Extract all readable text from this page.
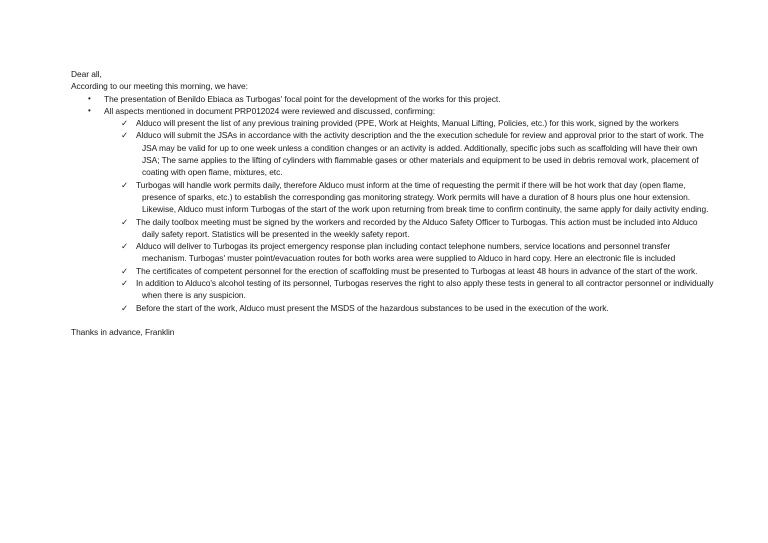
Dear all,

According to our meeting this morning, we have:

• The presentation of Benildo Ebiaca as Turbogas' focal point for the development of the works for this project.
• All aspects mentioned in document PRP012024 were reviewed and discussed, confirming:
✓ Alduco will present the list of any previous training provided (PPE, Work at Heights, Manual Lifting, Policies, etc.) for this work, signed by the workers
✓ Alduco will submit the JSAs in accordance with the activity description and the the execution schedule for review and approval prior to the start of work. The JSA may be valid for up to one week unless a condition changes or an activity is added. Additionally, specific jobs such as scaffolding will have their own JSA; The same applies to the lifting of cylinders with flammable gases or other materials and equipment to be used in debris removal work, placement of coating with open flame, mixtures, etc.
✓ Turbogas will handle work permits daily, therefore Alduco must inform at the time of requesting the permit if there will be hot work that day (open flame, presence of sparks, etc.) to establish the corresponding gas monitoring strategy. Work permits will have a duration of 8 hours plus one hour extension. Likewise, Alduco must inform Turbogas of the start of the work upon returning from break time to confirm continuity, the same apply for daily activity ending.
✓ The daily toolbox meeting must be signed by the workers and recorded by the Alduco Safety Officer to Turbogas. This action must be included into Alduco daily safety report. Statistics will be presented in the weekly safety report.
✓ Alduco will deliver to Turbogas its project emergency response plan including contact telephone numbers, service locations and personnel transfer mechanism. Turbogas' muster point/evacuation routes for both works area were supplied to Alduco in hard copy. Here an electronic file is included
✓ The certificates of competent personnel for the erection of scaffolding must be presented to Turbogas at least 48 hours in advance of the start of the work.
✓ In addition to Alduco's alcohol testing of its personnel, Turbogas reserves the right to also apply these tests in general to all contractor personnel or individually when there is any suspicion.
✓ Before the start of the work, Alduco must present the MSDS of the hazardous substances to be used in the execution of the work.

Thanks in advance, Franklin
